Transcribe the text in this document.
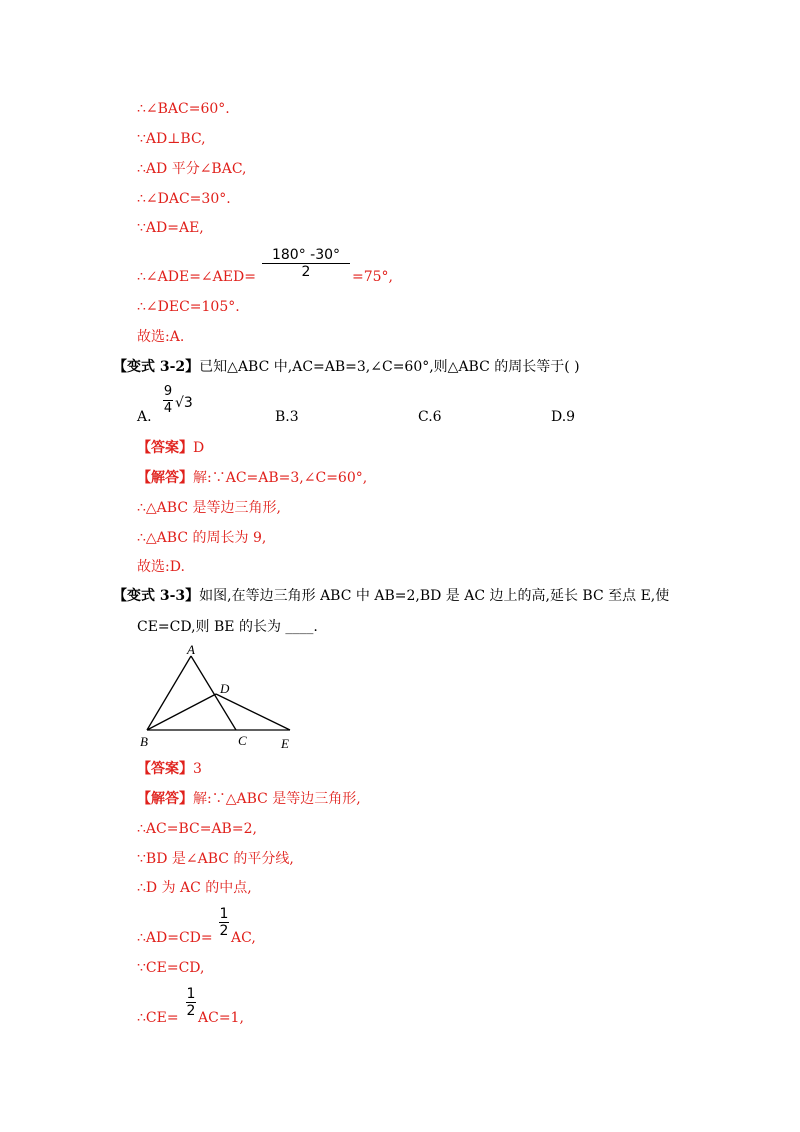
∴∠BAC=60°.
∵AD⊥BC,
∴AD 平分∠BAC,
∴∠DAC=30°.
∵AD=AE,
∴∠ADE=∠AED=
180° -30°
2	=75°,
∴∠DEC=105°.
故选:A.
【变式 3-2】已知△ABC 中,AC=AB=3,∠C=60°,则△ABC 的周长等于( )
A.
9
4 √3
B.3	C.6	D.9
【答案】D
【解答】解:∵AC=AB=3,∠C=60°,
∴△ABC 是等边三角形,
∴△ABC 的周长为 9,
故选:D.
【变式 3-3】如图,在等边三角形 ABC 中 AB=2,BD 是 AC 边上的高,延长 BC 至点 E,使
CE=CD,则 BE 的长为 ____.
A
D
B	C	E
【答案】3
【解答】解:∵△ABC 是等边三角形,
∴AC=BC=AB=2,
∵BD 是∠ABC 的平分线,
∴D 为 AC 的中点,
∴AD=CD=
1
2 AC,
∵CE=CD,
∴CE=
1
2 AC=1,
